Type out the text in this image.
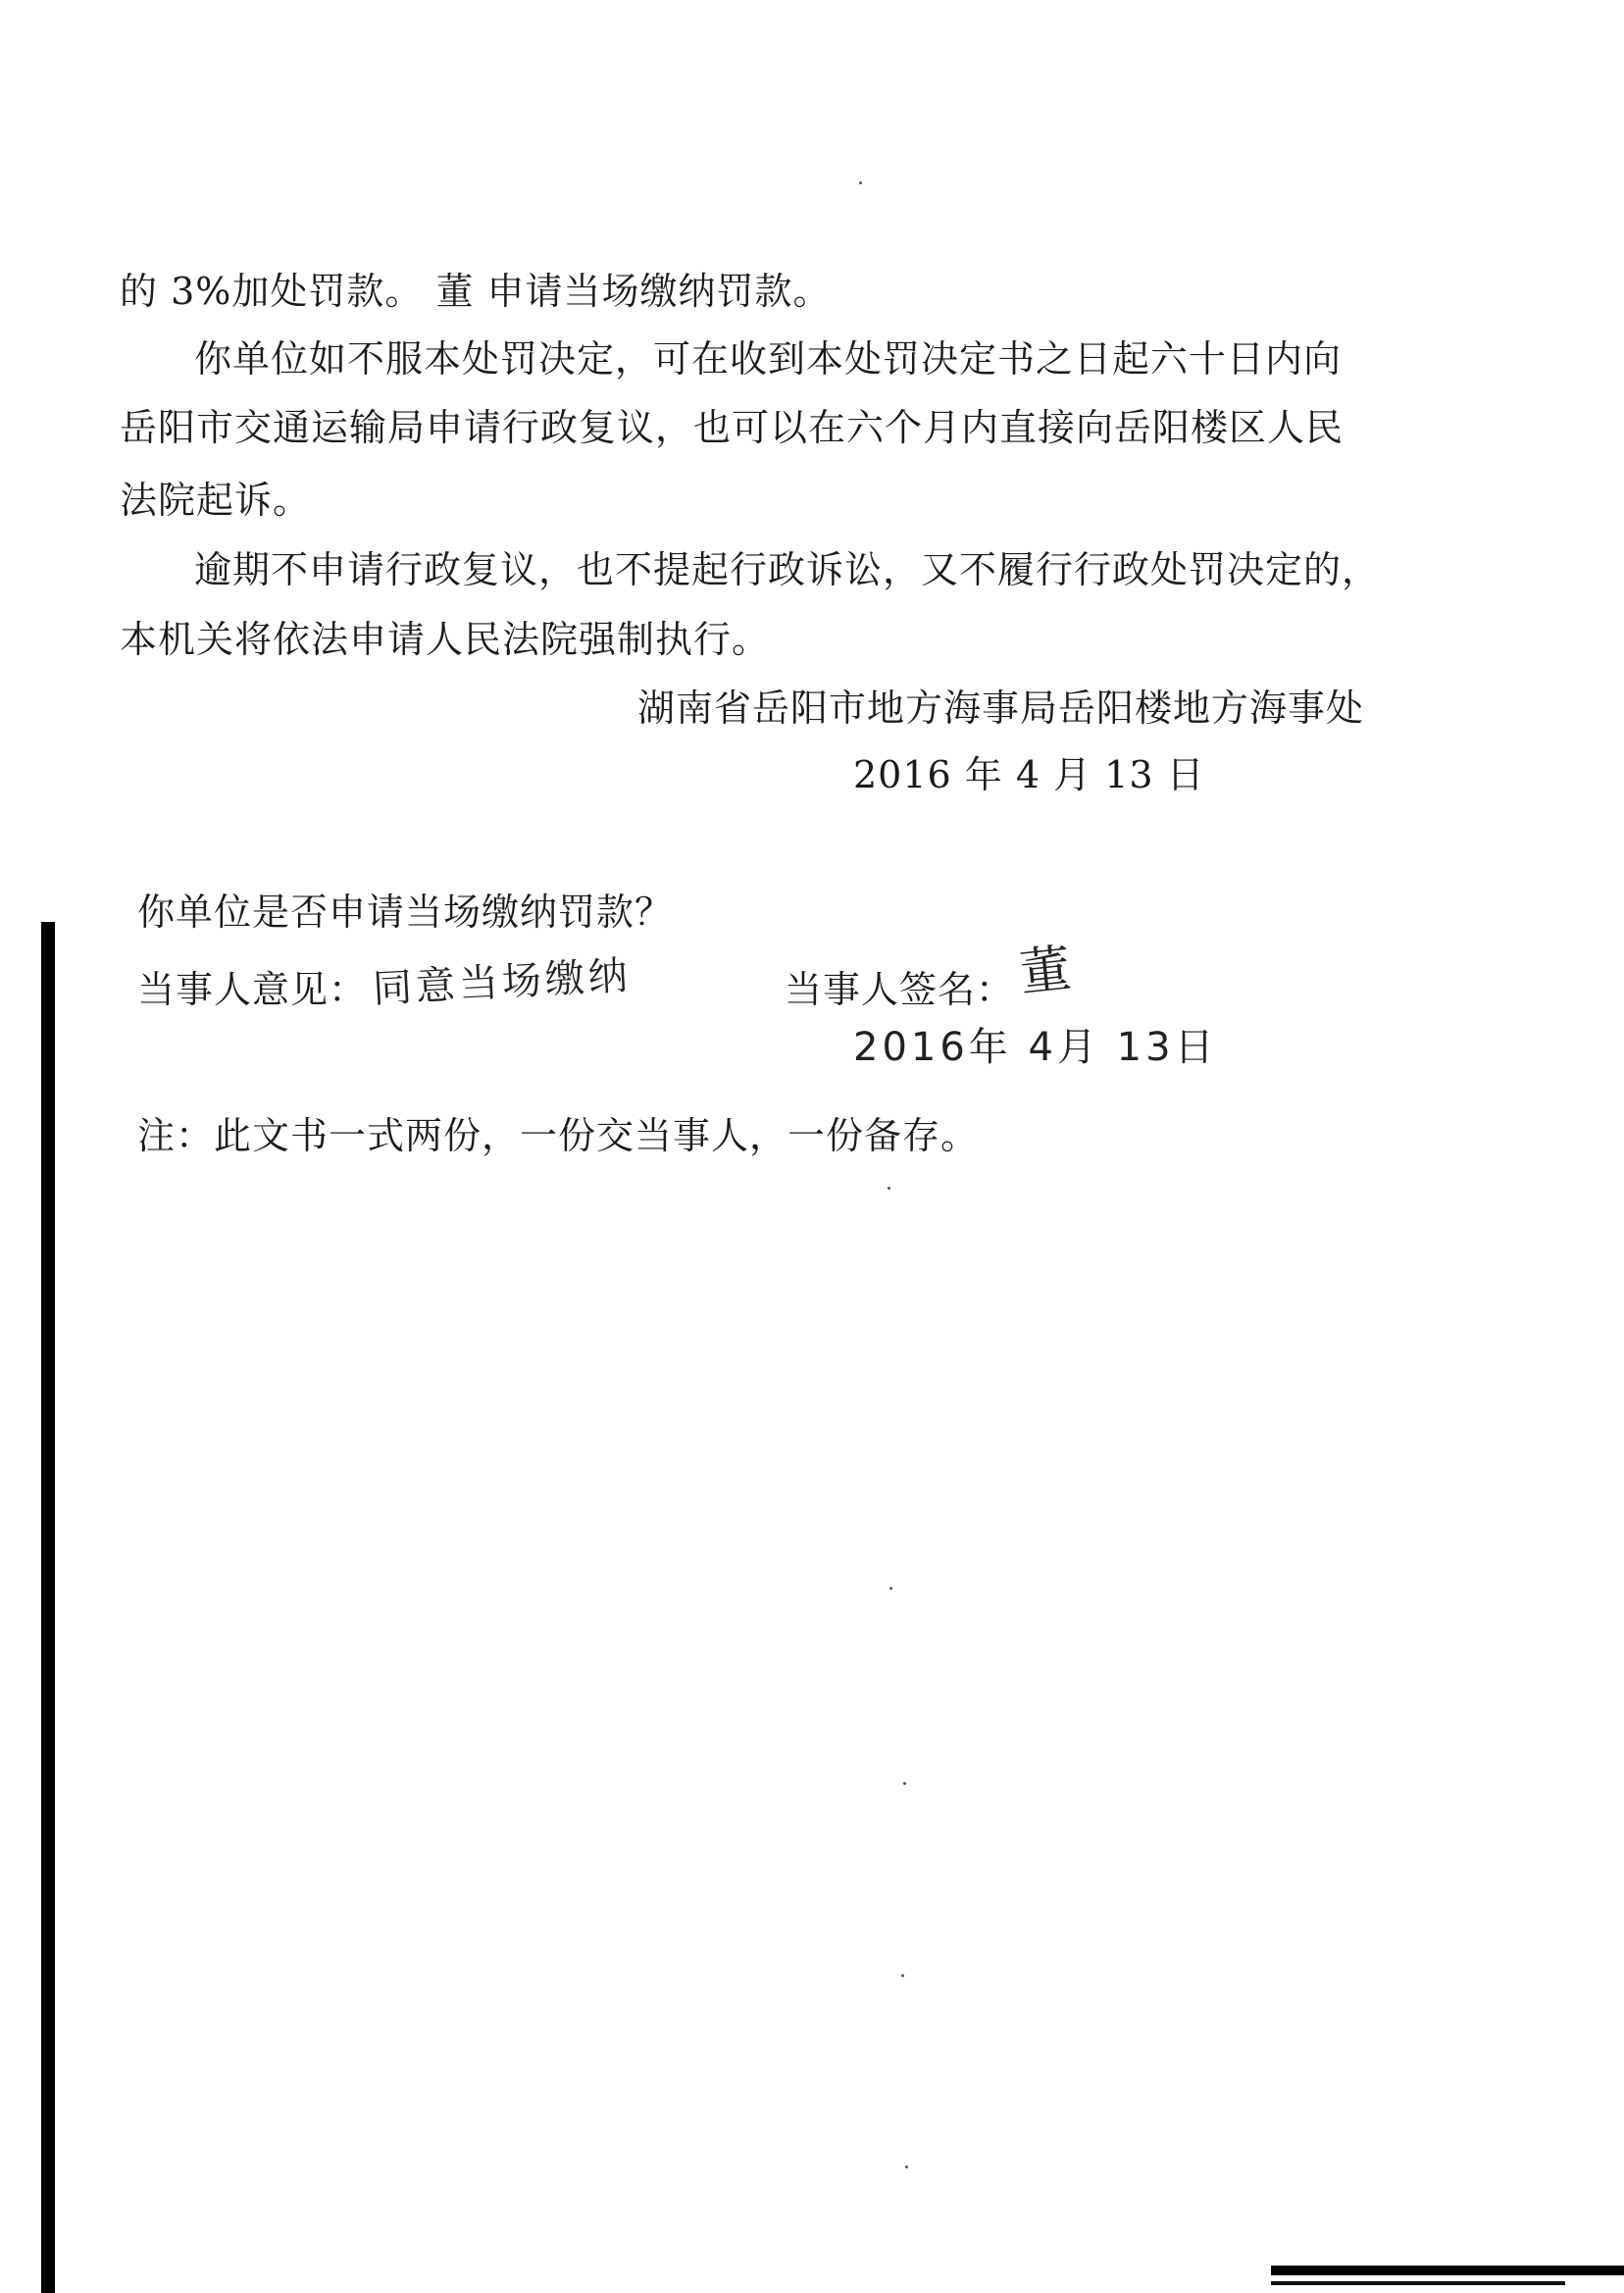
的 3%加处罚款。 董 申请当场缴纳罚款。
你单位如不服本处罚决定，可在收到本处罚决定书之日起六十日内向
岳阳市交通运输局申请行政复议，也可以在六个月内直接向岳阳楼区人民
法院起诉。
逾期不申请行政复议，也不提起行政诉讼，又不履行行政处罚决定的，
本机关将依法申请人民法院强制执行。
湖南省岳阳市地方海事局岳阳楼地方海事处
2016 年 4 月 13 日
你单位是否申请当场缴纳罚款？
当事人意见： 同意当场缴纳	当事人签名： 董
2016年 4月 13日
注：此文书一式两份，一份交当事人，一份备存。
